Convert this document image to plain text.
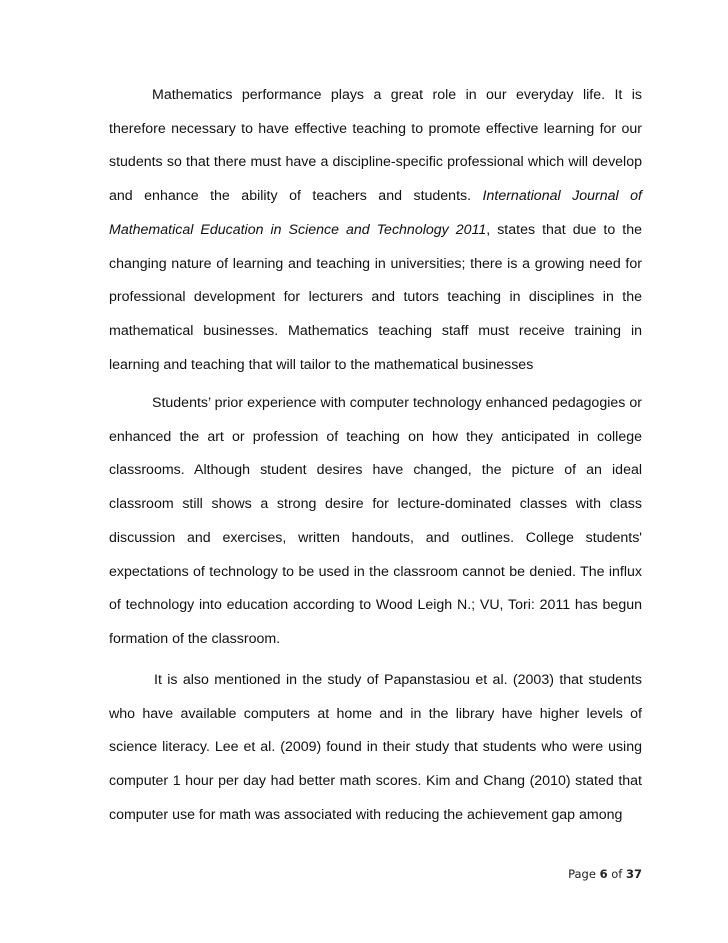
Mathematics performance plays a great role in our everyday life. It is therefore necessary to have effective teaching to promote effective learning for our students so that there must have a discipline-specific professional which will develop and enhance the ability of teachers and students. International Journal of Mathematical Education in Science and Technology 2011, states that due to the changing nature of learning and teaching in universities; there is a growing need for professional development for lecturers and tutors teaching in disciplines in the mathematical businesses. Mathematics teaching staff must receive training in learning and teaching that will tailor to the mathematical businesses

Students’ prior experience with computer technology enhanced pedagogies or enhanced the art or profession of teaching on how they anticipated in college classrooms. Although student desires have changed, the picture of an ideal classroom still shows a strong desire for lecture-dominated classes with class discussion and exercises, written handouts, and outlines. College students' expectations of technology to be used in the classroom cannot be denied. The influx of technology into education according to Wood Leigh N.; VU, Tori: 2011 has begun formation of the classroom.

It is also mentioned in the study of Papanstasiou et al. (2003) that students who have available computers at home and in the library have higher levels of science literacy. Lee et al. (2009) found in their study that students who were using computer 1 hour per day had better math scores. Kim and Chang (2010) stated that computer use for math was associated with reducing the achievement gap among

Page 6 of 37
